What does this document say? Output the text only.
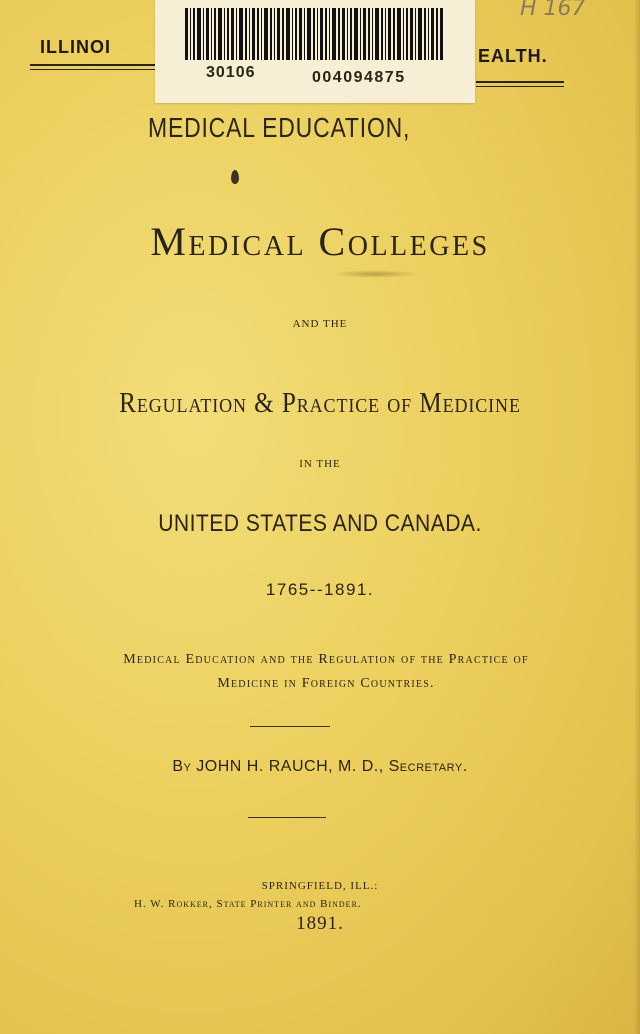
ILLINOI	EALTH.
30106	004094875
H 167
MEDICAL EDUCATION,
Medical Colleges
AND THE
Regulation & Practice of Medicine
IN THE
UNITED STATES AND CANADA.
1765--1891.
Medical Education and the Regulation of the Practice of
Medicine in Foreign Countries.
By JOHN H. RAUCH, M. D., Secretary.
SPRINGFIELD, ILL.:
H. W. Rokker, State Printer and Binder.
1891.
